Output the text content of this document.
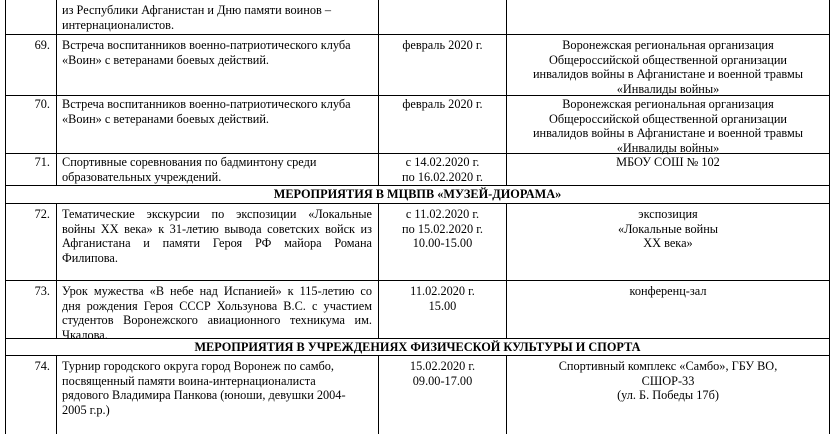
из Республики Афганистан и Дню памяти воинов –
интернационалистов.
69. Встреча воспитанников военно-патриотического клуба
«Воин» с ветеранами боевых действий.
февраль 2020 г.	Воронежская региональная организация
Общероссийской общественной организации
инвалидов войны в Афганистане и военной травмы
«Инвалиды войны»
70. Встреча воспитанников военно-патриотического клуба
«Воин» с ветеранами боевых действий.
февраль 2020 г.	Воронежская региональная организация
Общероссийской общественной организации
инвалидов войны в Афганистане и военной травмы
«Инвалиды войны»
71. Спортивные соревнования по бадминтону среди
образовательных учреждений.
с 14.02.2020 г.
по 16.02.2020 г.
МБОУ СОШ № 102
МЕРОПРИЯТИЯ В МЦВПВ «МУЗЕЙ-ДИОРАМА»
72. Тематические экскурсии по экспозиции «Локальные
войны XX века» к 31-летию вывода советских войск из
Афганистана и памяти Героя РФ майора Романа
Филипова.
с 11.02.2020 г.
по 15.02.2020 г.
10.00-15.00
экспозиция
«Локальные войны
XX века»
73. Урок мужества «В небе над Испанией» к 115-летию со
дня рождения Героя СССР Хользунова В.С. с участием
студентов Воронежского авиационного техникума им.
Чкалова.
11.02.2020 г.
15.00
конференц-зал
МЕРОПРИЯТИЯ В УЧРЕЖДЕНИЯХ ФИЗИЧЕСКОЙ КУЛЬТУРЫ И СПОРТА
74. Турнир городского округа город Воронеж по самбо,
посвященный памяти воина-интернационалиста
рядового Владимира Панкова (юноши, девушки 2004-
2005 г.р.)
15.02.2020 г.
09.00-17.00
Спортивный комплекс «Самбо», ГБУ ВО,
СШОР-33
(ул. Б. Победы 17б)
